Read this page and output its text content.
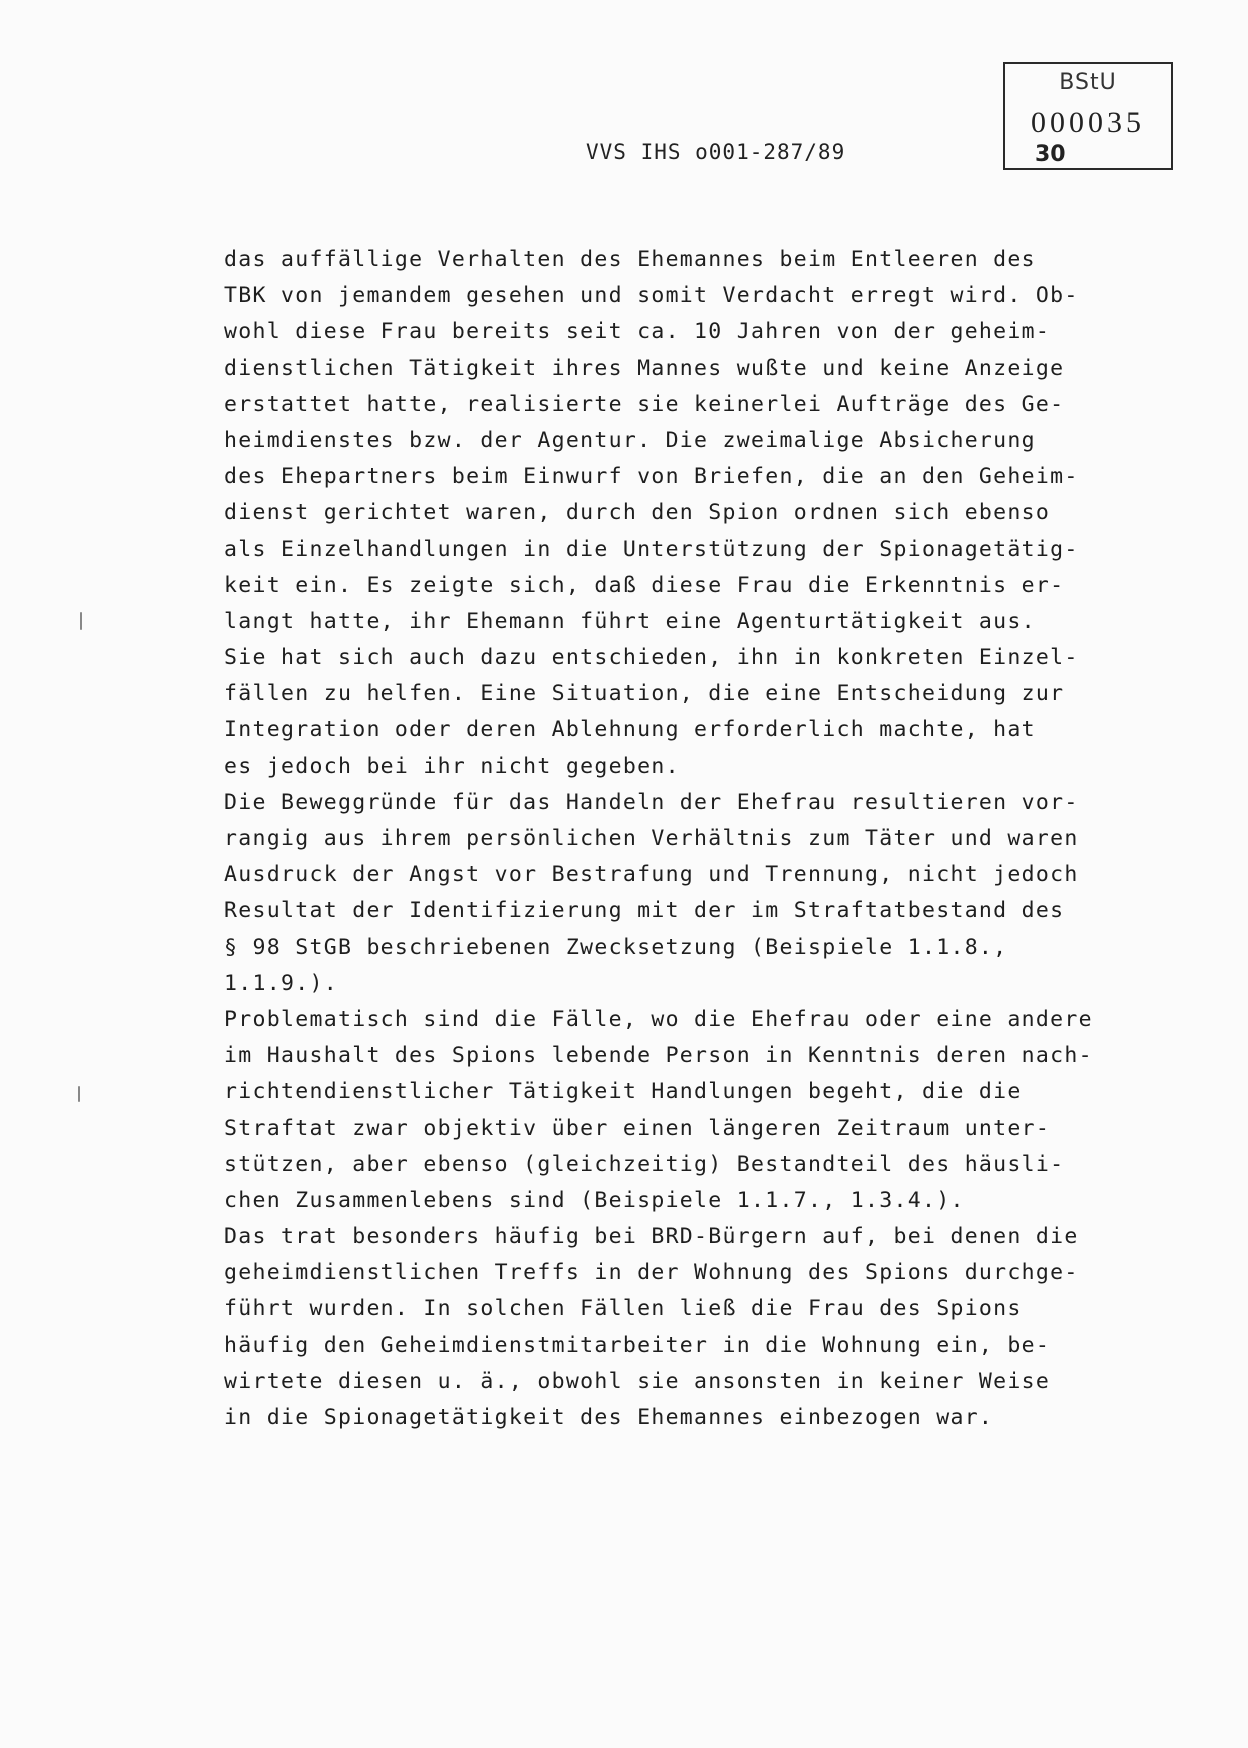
BStU
000035
30
VVS IHS o001-287/89
das auffällige Verhalten des Ehemannes beim Entleeren des
TBK von jemandem gesehen und somit Verdacht erregt wird. Ob-
wohl diese Frau bereits seit ca. 10 Jahren von der geheim-
dienstlichen Tätigkeit ihres Mannes wußte und keine Anzeige
erstattet hatte, realisierte sie keinerlei Aufträge des Ge-
heimdienstes bzw. der Agentur. Die zweimalige Absicherung
des Ehepartners beim Einwurf von Briefen, die an den Geheim-
dienst gerichtet waren, durch den Spion ordnen sich ebenso
als Einzelhandlungen in die Unterstützung der Spionagetätig-
keit ein. Es zeigte sich, daß diese Frau die Erkenntnis er-
langt hatte, ihr Ehemann führt eine Agenturtätigkeit aus.
Sie hat sich auch dazu entschieden, ihn in konkreten Einzel-
fällen zu helfen. Eine Situation, die eine Entscheidung zur
Integration oder deren Ablehnung erforderlich machte, hat
es jedoch bei ihr nicht gegeben.
Die Beweggründe für das Handeln der Ehefrau resultieren vor-
rangig aus ihrem persönlichen Verhältnis zum Täter und waren
Ausdruck der Angst vor Bestrafung und Trennung, nicht jedoch
Resultat der Identifizierung mit der im Straftatbestand des
§ 98 StGB beschriebenen Zwecksetzung (Beispiele 1.1.8.,
1.1.9.).
Problematisch sind die Fälle, wo die Ehefrau oder eine andere
im Haushalt des Spions lebende Person in Kenntnis deren nach-
richtendienstlicher Tätigkeit Handlungen begeht, die die
Straftat zwar objektiv über einen längeren Zeitraum unter-
stützen, aber ebenso (gleichzeitig) Bestandteil des häusli-
chen Zusammenlebens sind (Beispiele 1.1.7., 1.3.4.).
Das trat besonders häufig bei BRD-Bürgern auf, bei denen die
geheimdienstlichen Treffs in der Wohnung des Spions durchge-
führt wurden. In solchen Fällen ließ die Frau des Spions
häufig den Geheimdienstmitarbeiter in die Wohnung ein, be-
wirtete diesen u. ä., obwohl sie ansonsten in keiner Weise
in die Spionagetätigkeit des Ehemannes einbezogen war.
